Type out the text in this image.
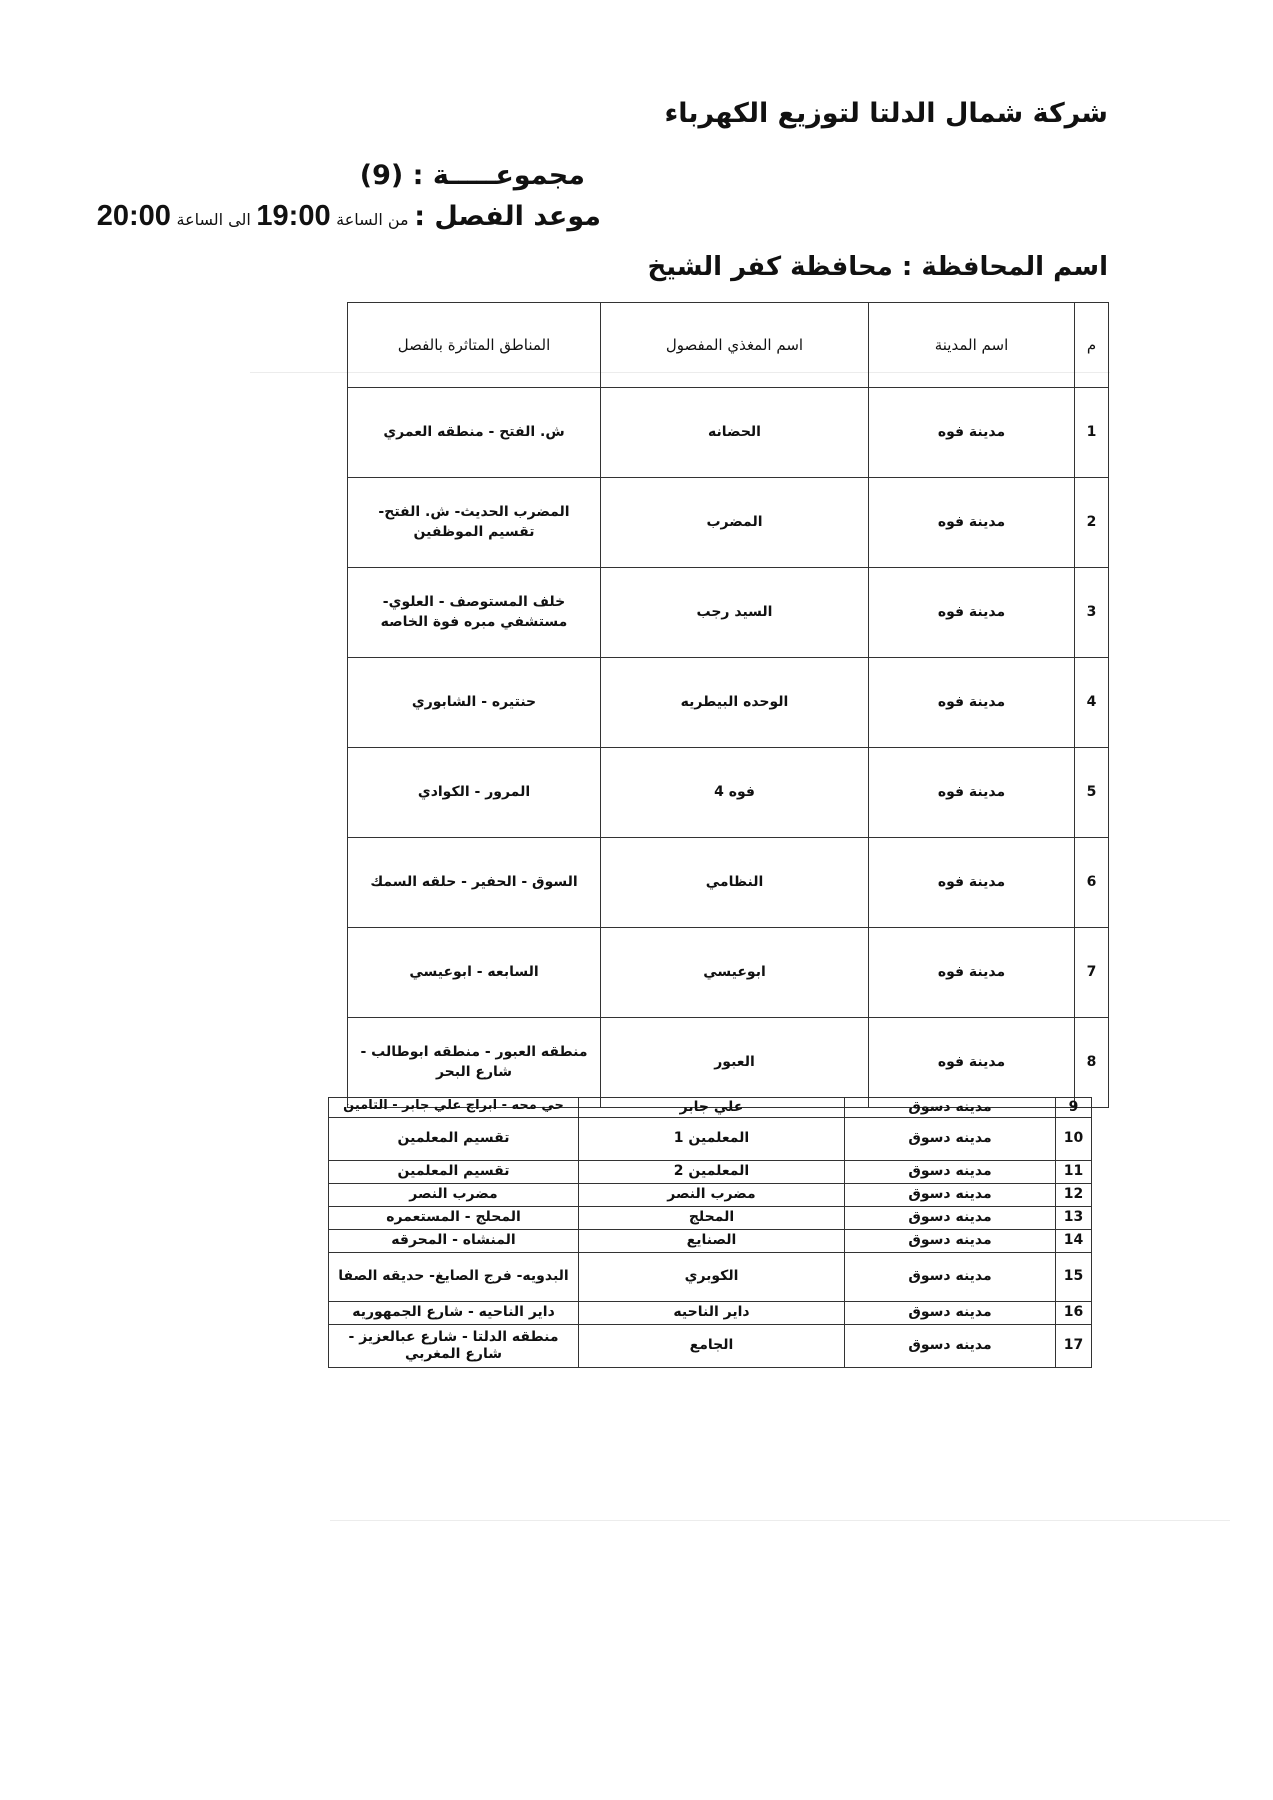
شركة شمال الدلتا لتوزيع الكهرباء
مجموعـــــة : (9)
موعد الفصل : من الساعة 19:00 الى الساعة 20:00
اسم المحافظة : محافظة كفر الشيخ
م	اسم المدينة	اسم المغذي المفصول	المناطق المتاثرة بالفصل
1	مدينة فوه	الحضانه	ش. الفتح - منطقه العمري
2	مدينة فوه	المضرب	المضرب الحديث- ش. الفتح- تقسيم الموظفين
3	مدينة فوه	السيد رجب	خلف المستوصف - العلوي- مستشفي مبره فوة الخاصه
4	مدينة فوه	الوحده البيطريه	حنتيره - الشابوري
5	مدينة فوه	فوه 4	المرور - الكوادي
6	مدينة فوه	النظامي	السوق - الحفير - حلقه السمك
7	مدينة فوه	ابوعيسي	السابعه - ابوعيسي
8	مدينة فوه	العبور	منطقه العبور - منطقه ابوطالب - شارع البحر
9	مدينه دسوق	علي جابر	حي محه - ابراج علي جابر - التامين

10	مدينه دسوق	المعلمين 1	تقسيم المعلمين
11	مدينه دسوق	المعلمين 2	تقسيم المعلمين
12	مدينه دسوق	مضرب النصر	مضرب النصر
13	مدينه دسوق	المحلج	المحلج - المستعمره
14	مدينه دسوق	الصنايع	المنشاه - المحرقه
15	مدينه دسوق	الكوبري	البدويه- فرج الصايغ- حديقه الصفا
16	مدينه دسوق	داير الناحيه	داير الناحيه - شارع الجمهوريه
17	مدينه دسوق	الجامع	منطقه الدلتا - شارع عبالعزيز - شارع المغربي
